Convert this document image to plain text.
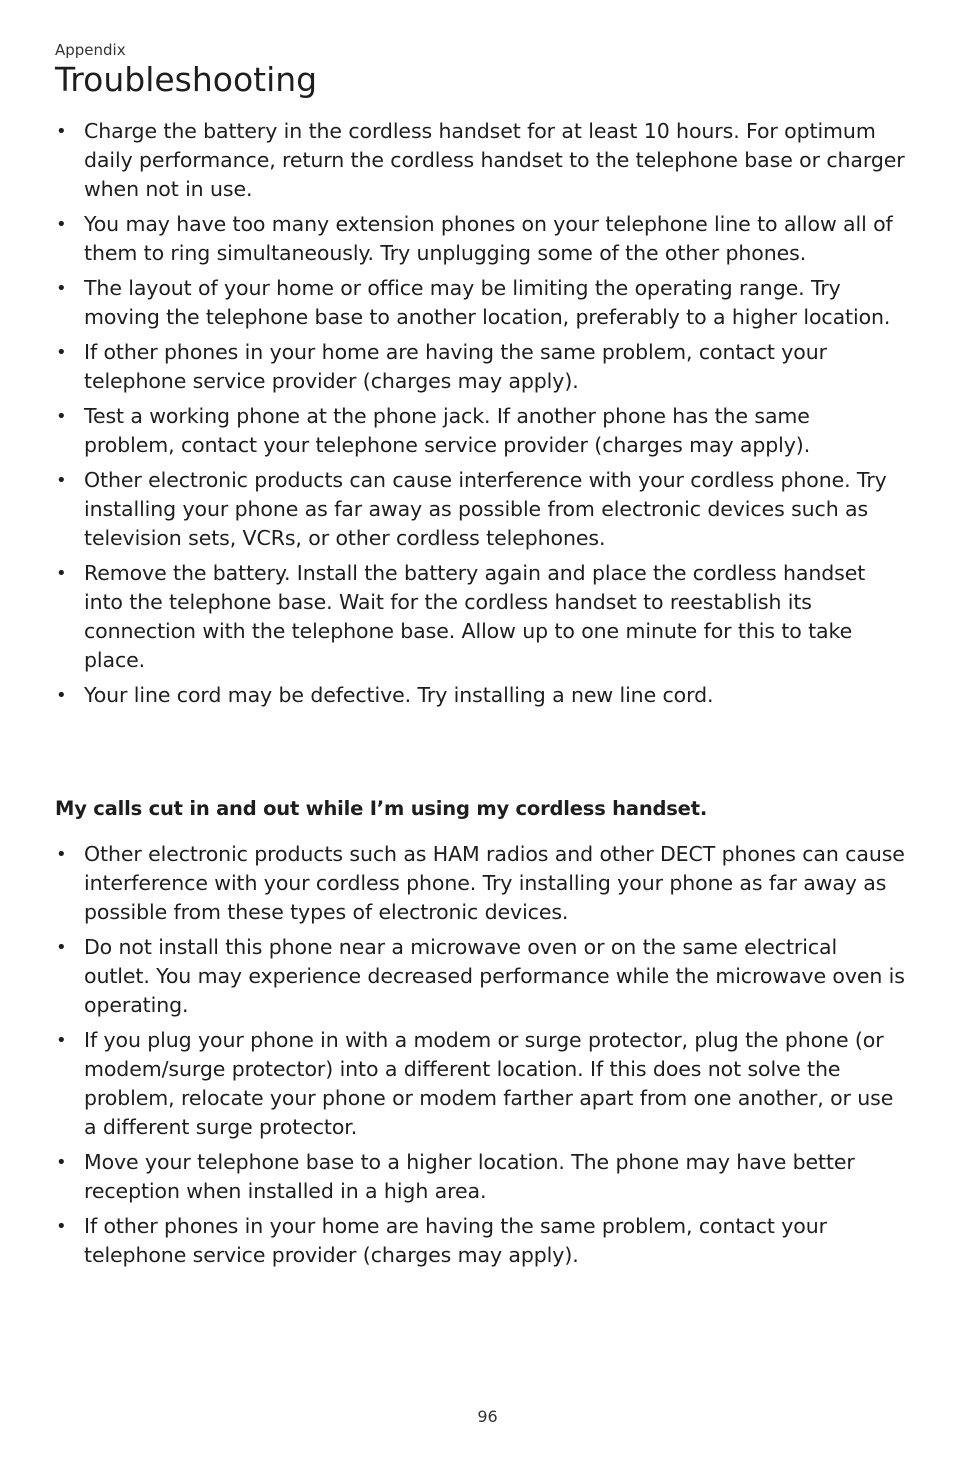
Appendix

Troubleshooting
• Charge the battery in the cordless handset for at least 10 hours. For optimum daily performance, return the cordless handset to the telephone base or charger when not in use.
• You may have too many extension phones on your telephone line to allow all of them to ring simultaneously. Try unplugging some of the other phones.
• The layout of your home or office may be limiting the operating range. Try moving the telephone base to another location, preferably to a higher location.
• If other phones in your home are having the same problem, contact your telephone service provider (charges may apply).
• Test a working phone at the phone jack. If another phone has the same problem, contact your telephone service provider (charges may apply).
• Other electronic products can cause interference with your cordless phone. Try installing your phone as far away as possible from electronic devices such as television sets, VCRs, or other cordless telephones.
• Remove the battery. Install the battery again and place the cordless handset into the telephone base. Wait for the cordless handset to reestablish its connection with the telephone base. Allow up to one minute for this to take place.
• Your line cord may be defective. Try installing a new line cord.

My calls cut in and out while I’m using my cordless handset.

• Other electronic products such as HAM radios and other DECT phones can cause interference with your cordless phone. Try installing your phone as far away as possible from these types of electronic devices.
• Do not install this phone near a microwave oven or on the same electrical outlet. You may experience decreased performance while the microwave oven is operating.
• If you plug your phone in with a modem or surge protector, plug the phone (or modem/surge protector) into a different location. If this does not solve the problem, relocate your phone or modem farther apart from one another, or use a different surge protector.
• Move your telephone base to a higher location. The phone may have better reception when installed in a high area.
• If other phones in your home are having the same problem, contact your telephone service provider (charges may apply).
96
